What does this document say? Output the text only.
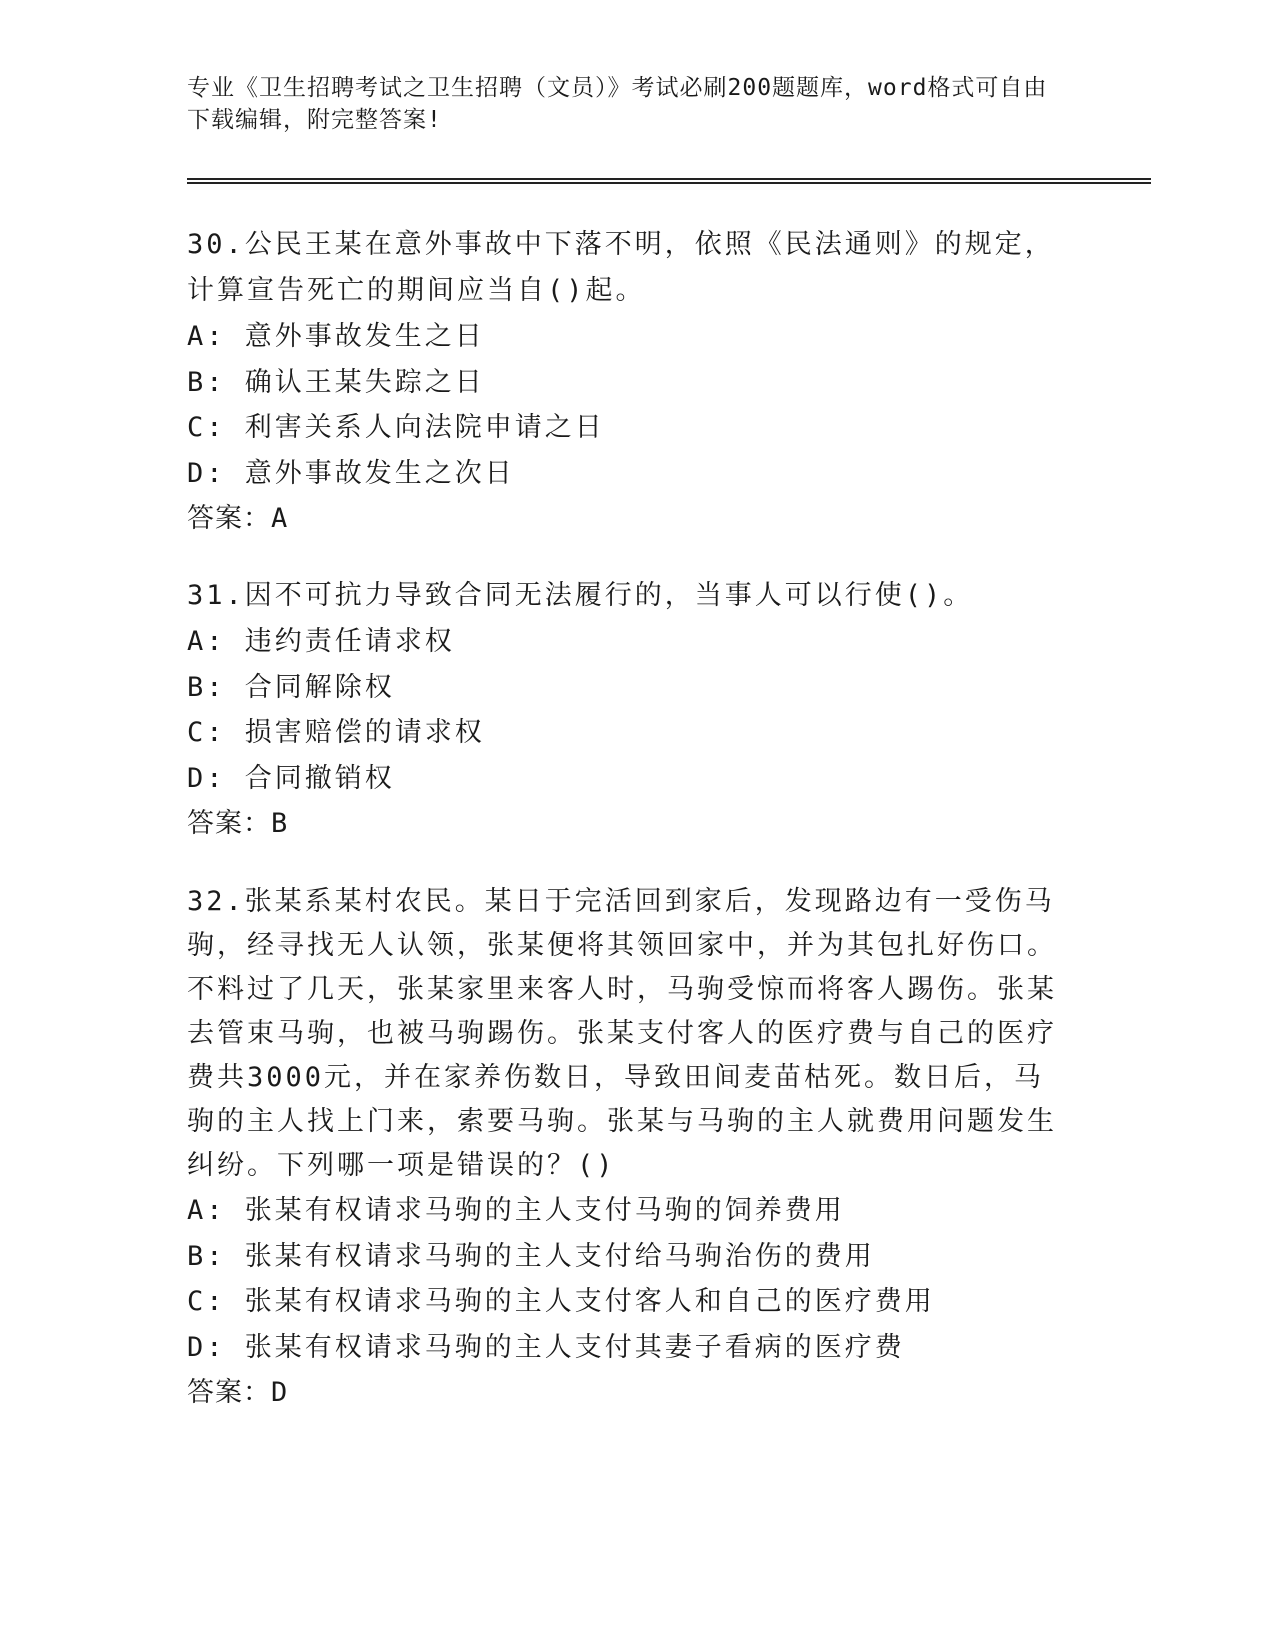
专业《卫生招聘考试之卫生招聘（文员）》考试必刷200题题库，word格式可自由下载编辑，附完整答案!

30.公民王某在意外事故中下落不明，依照《民法通则》的规定，计算宣告死亡的期间应当自()起。

A: 意外事故发生之日

B: 确认王某失踪之日

C: 利害关系人向法院申请之日

D: 意外事故发生之次日

答案：A

31.因不可抗力导致合同无法履行的，当事人可以行使()。

A: 违约责任请求权

B: 合同解除权

C: 损害赔偿的请求权

D: 合同撤销权

答案：B

32.张某系某村农民。某日于完活回到家后，发现路边有一受伤马驹，经寻找无人认领，张某便将其领回家中，并为其包扎好伤口。不料过了几天，张某家里来客人时，马驹受惊而将客人踢伤。张某去管束马驹，也被马驹踢伤。张某支付客人的医疗费与自己的医疗费共3000元，并在家养伤数日，导致田间麦苗枯死。数日后，马驹的主人找上门来，索要马驹。张某与马驹的主人就费用问题发生纠纷。下列哪一项是错误的？()

A: 张某有权请求马驹的主人支付马驹的饲养费用

B: 张某有权请求马驹的主人支付给马驹治伤的费用

C: 张某有权请求马驹的主人支付客人和自己的医疗费用

D: 张某有权请求马驹的主人支付其妻子看病的医疗费

答案：D
